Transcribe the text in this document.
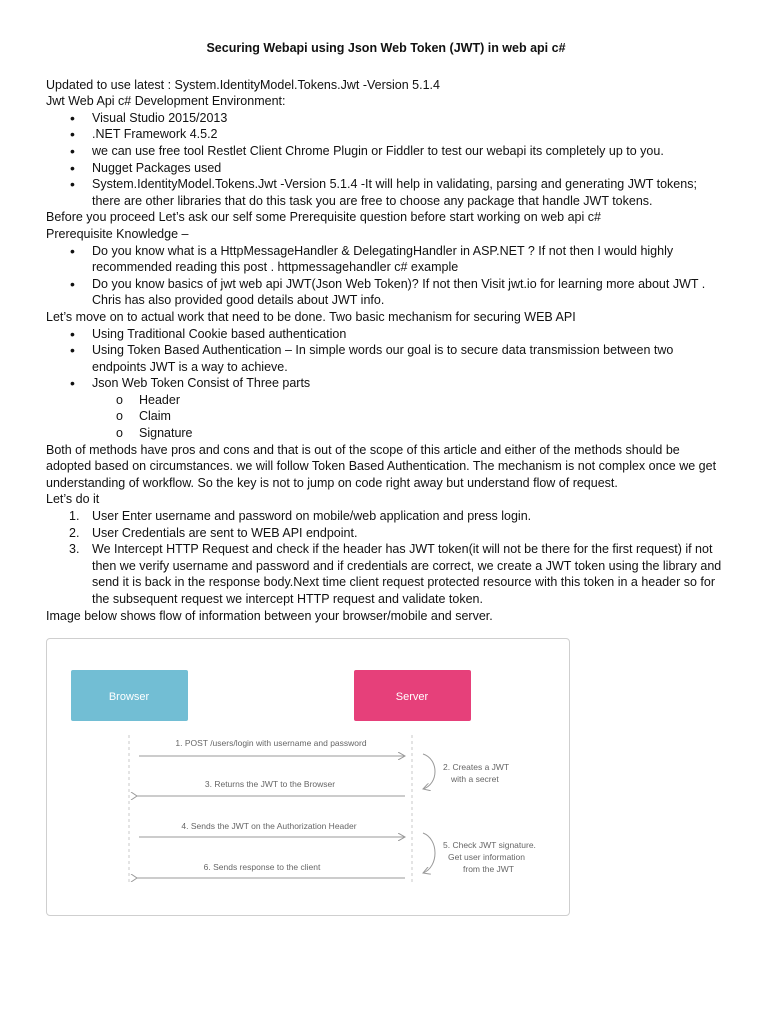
Securing Webapi using Json Web Token (JWT) in web api c#

Updated to use latest : System.IdentityModel.Tokens.Jwt -Version 5.1.4

Jwt Web Api c# Development Environment:

• Visual Studio 2015/2013
• .NET Framework 4.5.2
• we can use free tool Restlet Client Chrome Plugin or Fiddler to test our webapi its completely up to you.
• Nugget Packages used
• System.IdentityModel.Tokens.Jwt -Version 5.1.4 -It will help in validating, parsing and generating JWT tokens; there are other libraries that do this task you are free to choose any package that handle JWT tokens.

Before you proceed Let’s ask our self some Prerequisite question before start working on web api c#

Prerequisite Knowledge –

• Do you know what is a HttpMessageHandler & DelegatingHandler in ASP.NET ? If not then I would highly recommended reading this post . httpmessagehandler c# example
• Do you know basics of jwt web api JWT(Json Web Token)? If not then Visit jwt.io for learning more about JWT . Chris has also provided good details about JWT info.

Let’s move on to actual work that need to be done. Two basic mechanism for securing WEB API

• Using Traditional Cookie based authentication
• Using Token Based Authentication – In simple words our goal is to secure data transmission between two endpoints JWT is a way to achieve.
• Json Web Token Consist of Three parts
o Header
o Claim
o Signature

Both of methods have pros and cons and that is out of the scope of this article and either of the methods should be adopted based on circumstances. we will follow Token Based Authentication. The mechanism is not complex once we get understanding of workflow. So the key is not to jump on code right away but understand flow of request.

Let’s do it

1. User Enter username and password on mobile/web application and press login.
2. User Credentials are sent to WEB API endpoint.
3. We Intercept HTTP Request and check if the header has JWT token(it will not be there for the first request) if not then we verify username and password and if credentials are correct, we create a JWT token using the library and send it is back in the response body.Next time client request protected resource with this token in a header so for the subsequent request we intercept HTTP request and validate token.

Image below shows flow of information between your browser/mobile and server.

Browser	Server
1. POST /users/login with username and password
2. Creates a JWT
with a secret
3. Returns the JWT to the Browser
4. Sends the JWT on the Authorization Header
5. Check JWT signature.
Get user information
from the JWT
6. Sends response to the client
